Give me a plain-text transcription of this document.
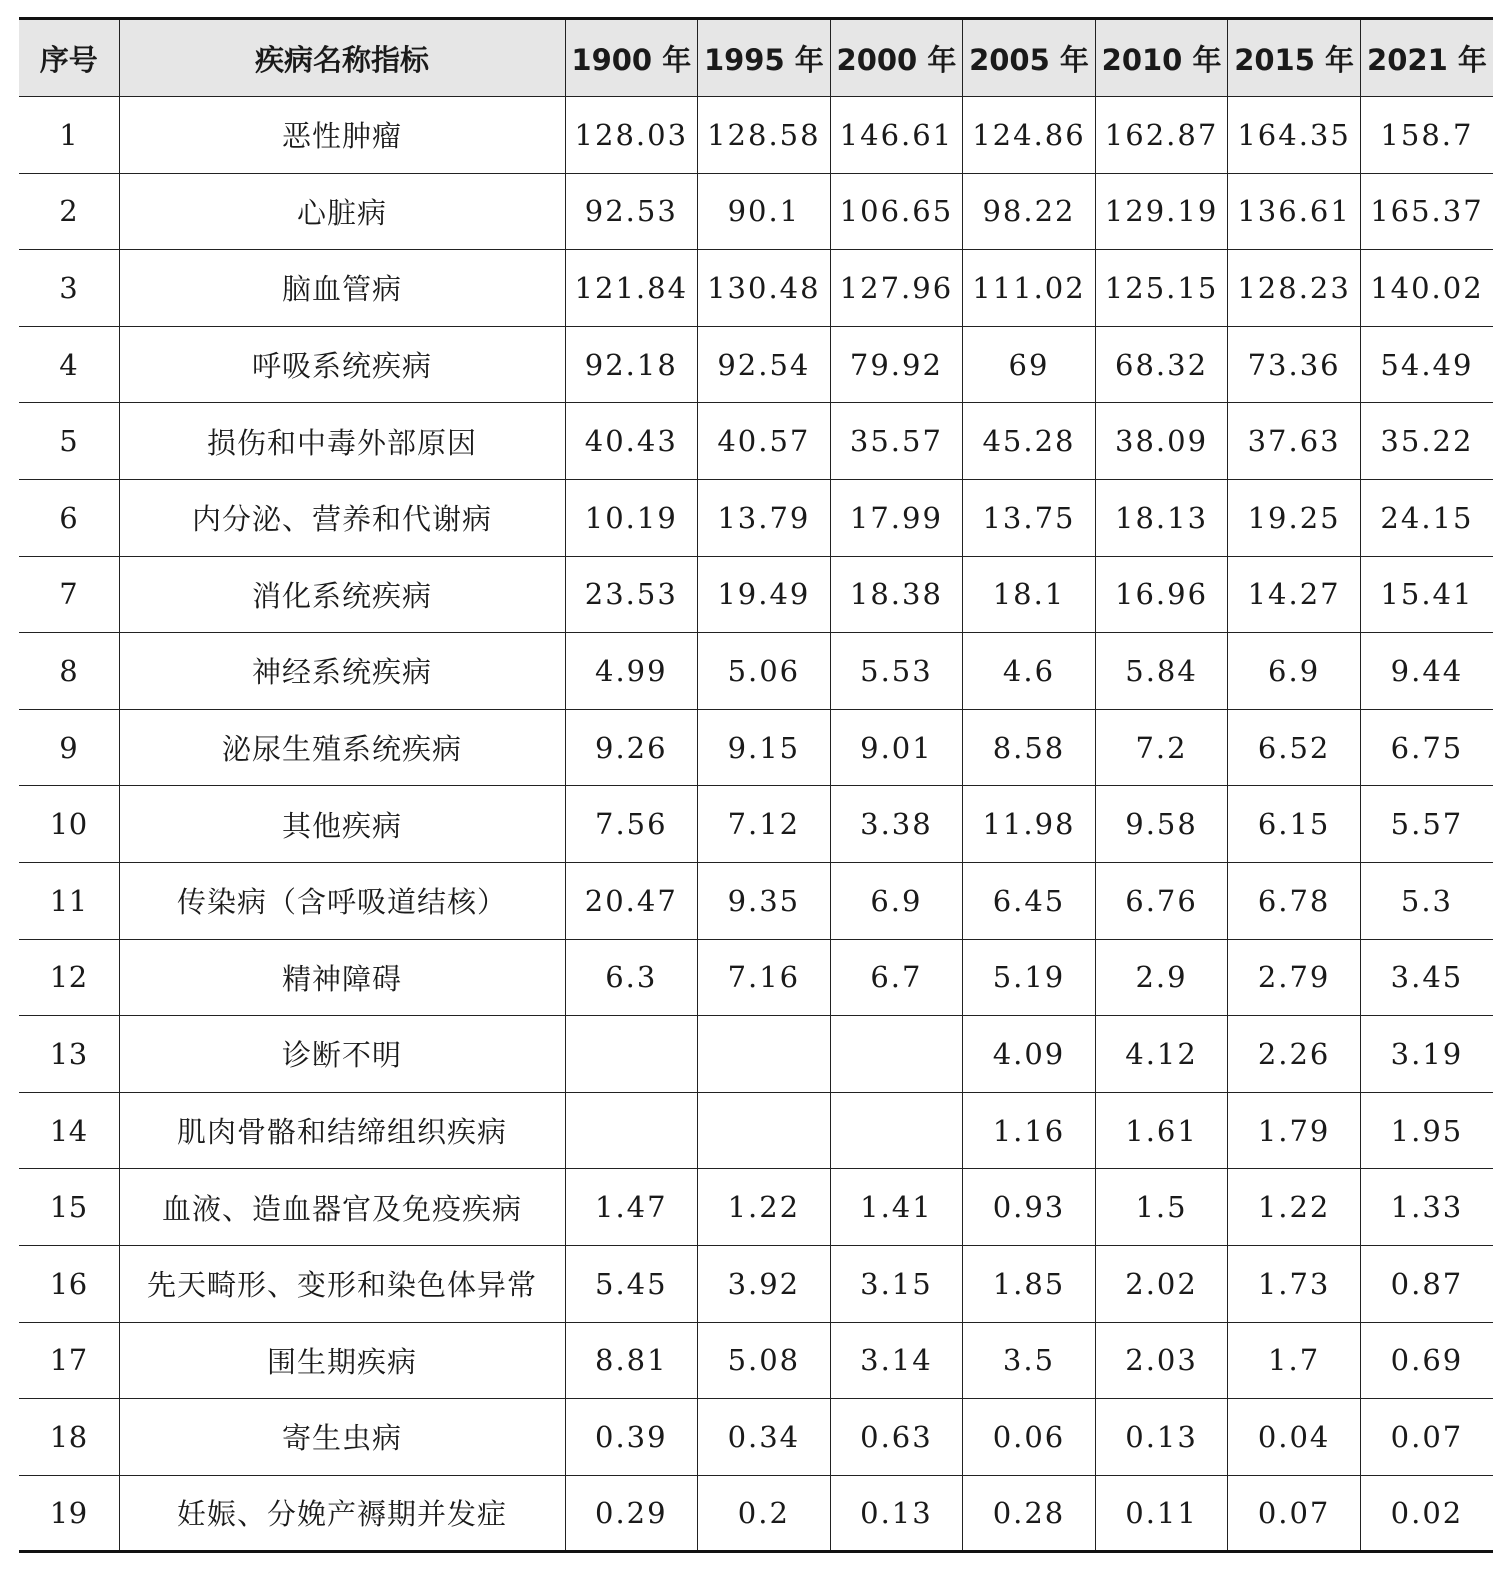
序号	疾病名称指标	1900 年	1995 年	2000 年	2005 年	2010 年	2015 年	2021 年
1	恶性肿瘤	128.03	128.58	146.61	124.86	162.87	164.35	158.7
2	心脏病	92.53	90.1	106.65	98.22	129.19	136.61	165.37
3	脑血管病	121.84	130.48	127.96	111.02	125.15	128.23	140.02
4	呼吸系统疾病	92.18	92.54	79.92	69	68.32	73.36	54.49
5	损伤和中毒外部原因	40.43	40.57	35.57	45.28	38.09	37.63	35.22
6	内分泌、营养和代谢病	10.19	13.79	17.99	13.75	18.13	19.25	24.15
7	消化系统疾病	23.53	19.49	18.38	18.1	16.96	14.27	15.41
8	神经系统疾病	4.99	5.06	5.53	4.6	5.84	6.9	9.44
9	泌尿生殖系统疾病	9.26	9.15	9.01	8.58	7.2	6.52	6.75
10	其他疾病	7.56	7.12	3.38	11.98	9.58	6.15	5.57
11	传染病（含呼吸道结核）	20.47	9.35	6.9	6.45	6.76	6.78	5.3
12	精神障碍	6.3	7.16	6.7	5.19	2.9	2.79	3.45
13	诊断不明				4.09	4.12	2.26	3.19
14	肌肉骨骼和结缔组织疾病				1.16	1.61	1.79	1.95
15	血液、造血器官及免疫疾病	1.47	1.22	1.41	0.93	1.5	1.22	1.33
16	先天畸形、变形和染色体异常	5.45	3.92	3.15	1.85	2.02	1.73	0.87
17	围生期疾病	8.81	5.08	3.14	3.5	2.03	1.7	0.69
18	寄生虫病	0.39	0.34	0.63	0.06	0.13	0.04	0.07
19	妊娠、分娩产褥期并发症	0.29	0.2	0.13	0.28	0.11	0.07	0.02
